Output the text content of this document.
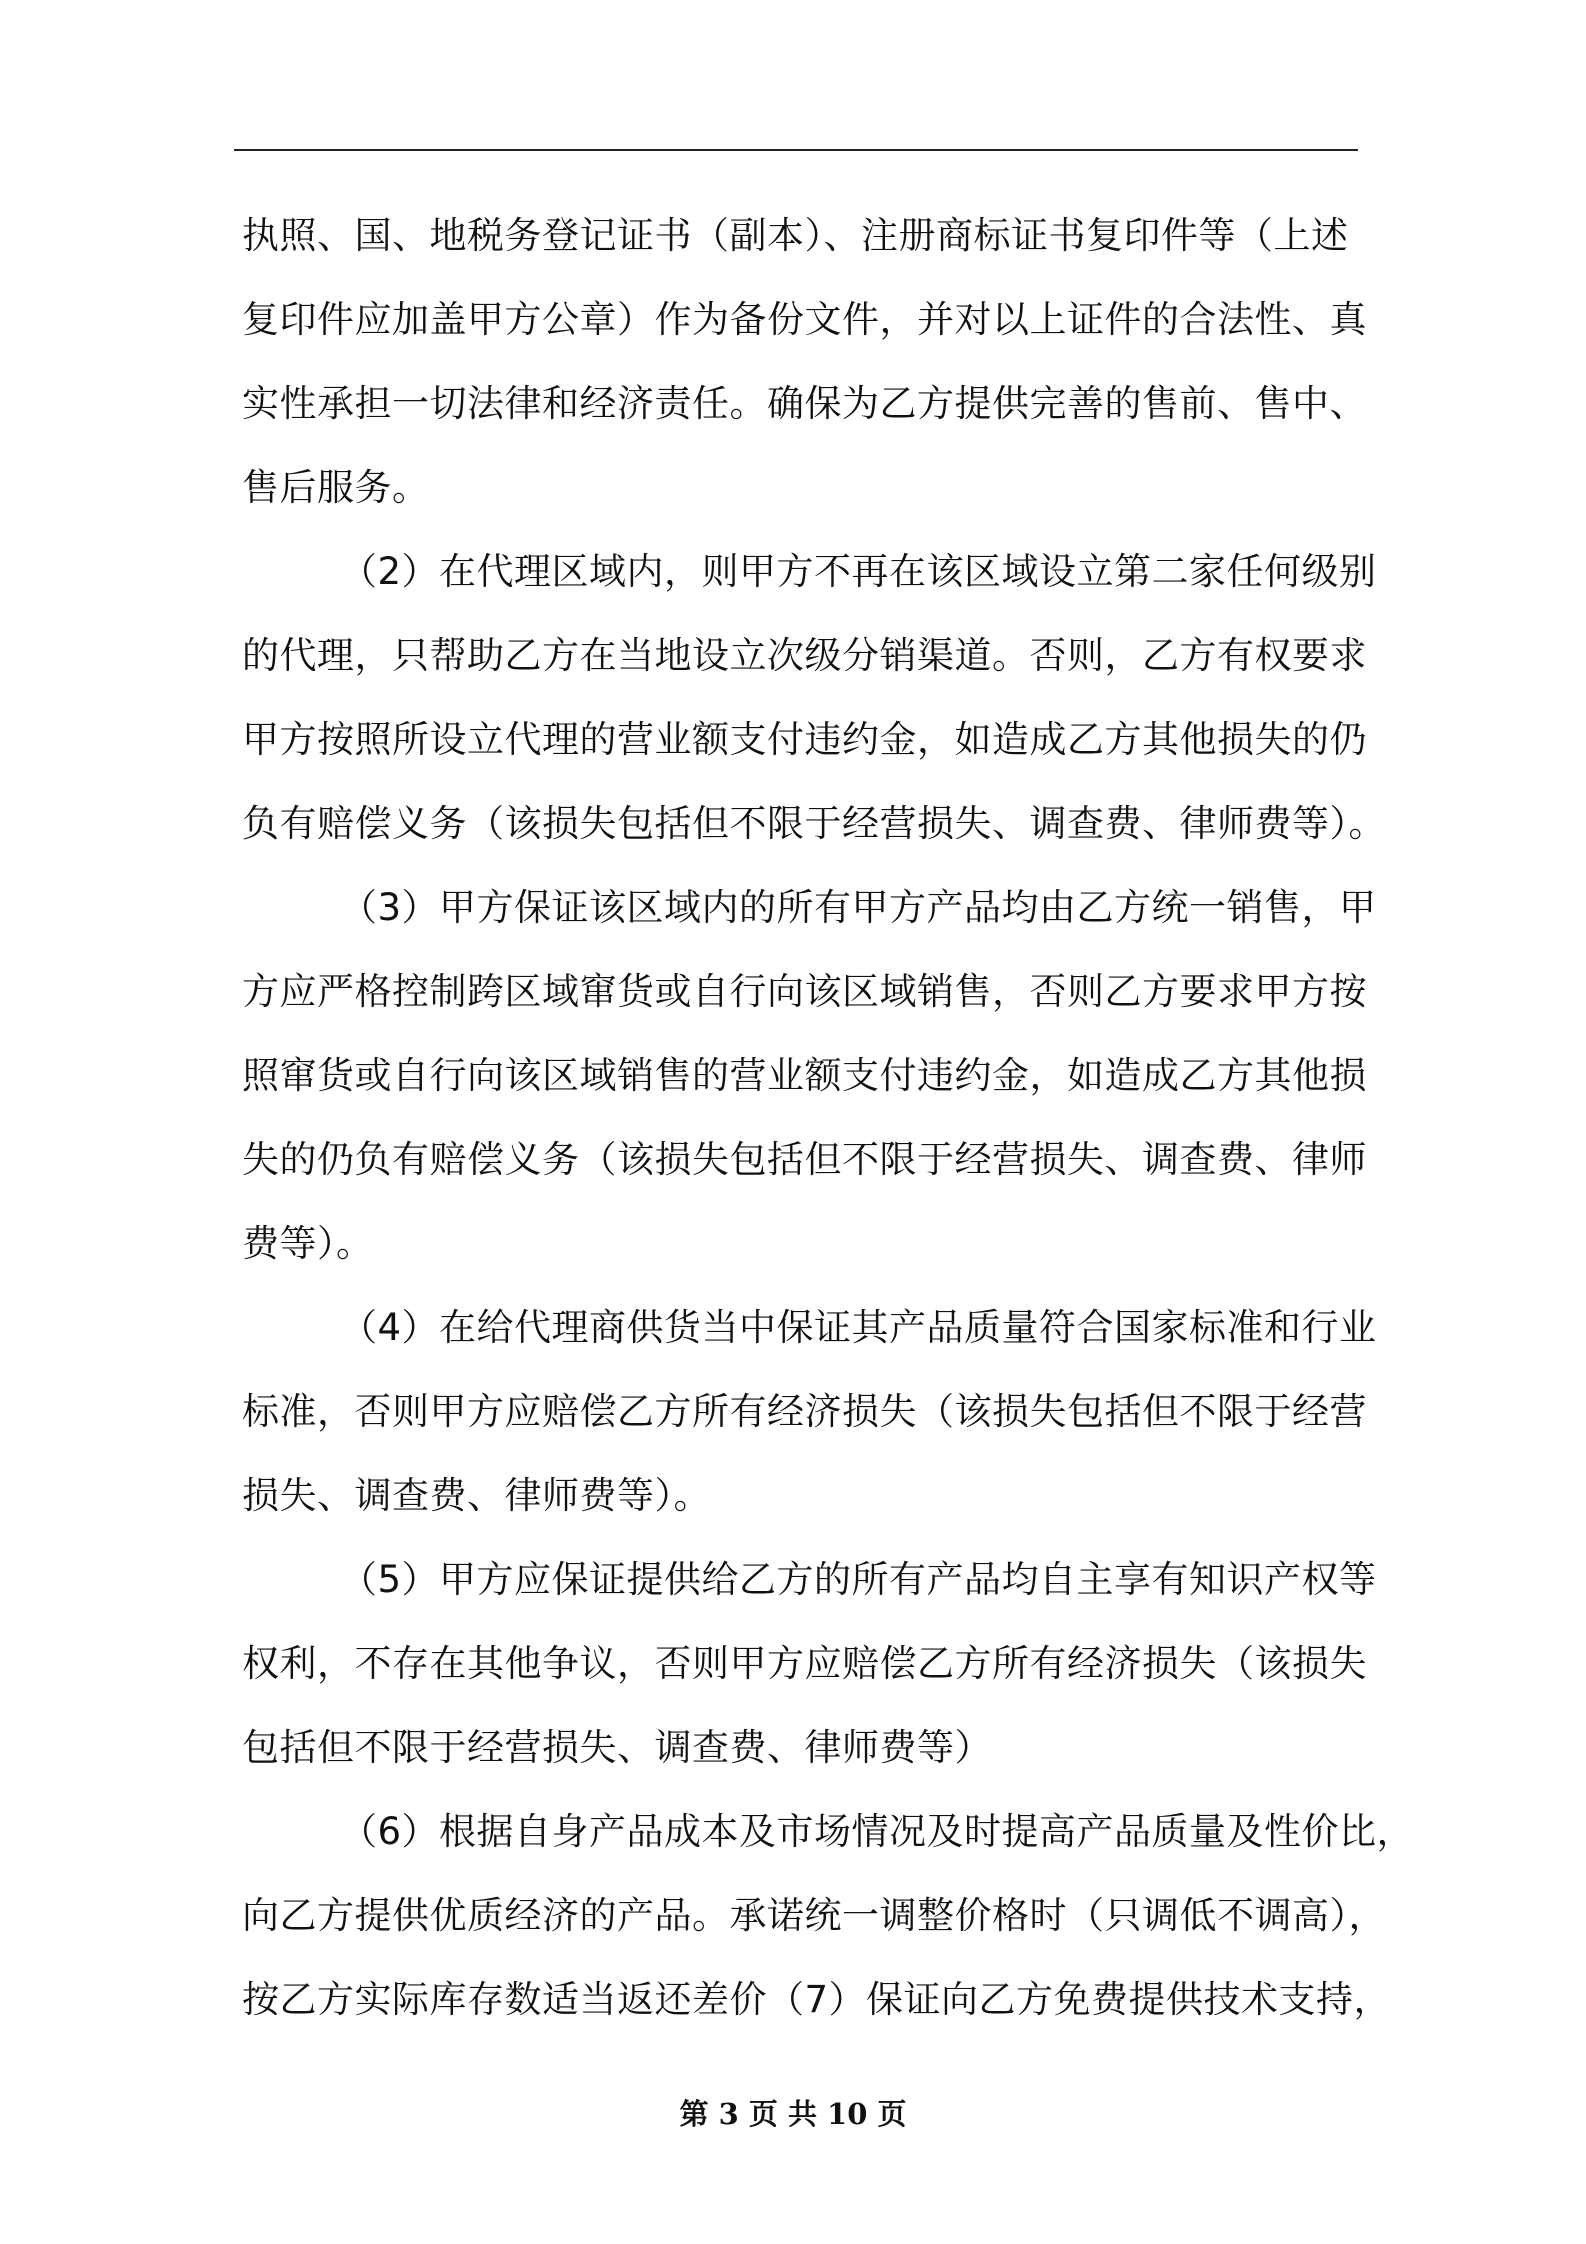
执照、国、地税务登记证书（副本）、注册商标证书复印件等（上述
复印件应加盖甲方公章）作为备份文件，并对以上证件的合法性、真
实性承担一切法律和经济责任。确保为乙方提供完善的售前、售中、
售后服务。
（2）在代理区域内，则甲方不再在该区域设立第二家任何级别
的代理，只帮助乙方在当地设立次级分销渠道。否则，乙方有权要求
甲方按照所设立代理的营业额支付违约金，如造成乙方其他损失的仍
负有赔偿义务（该损失包括但不限于经营损失、调查费、律师费等）。
（3）甲方保证该区域内的所有甲方产品均由乙方统一销售，甲
方应严格控制跨区域窜货或自行向该区域销售，否则乙方要求甲方按
照窜货或自行向该区域销售的营业额支付违约金，如造成乙方其他损
失的仍负有赔偿义务（该损失包括但不限于经营损失、调查费、律师
费等）。
（4）在给代理商供货当中保证其产品质量符合国家标准和行业
标准，否则甲方应赔偿乙方所有经济损失（该损失包括但不限于经营
损失、调查费、律师费等）。
（5）甲方应保证提供给乙方的所有产品均自主享有知识产权等
权利，不存在其他争议，否则甲方应赔偿乙方所有经济损失（该损失
包括但不限于经营损失、调查费、律师费等）
（6）根据自身产品成本及市场情况及时提高产品质量及性价比，
向乙方提供优质经济的产品。承诺统一调整价格时（只调低不调高），
按乙方实际库存数适当返还差价（7）保证向乙方免费提供技术支持，
第 3 页 共 10 页
